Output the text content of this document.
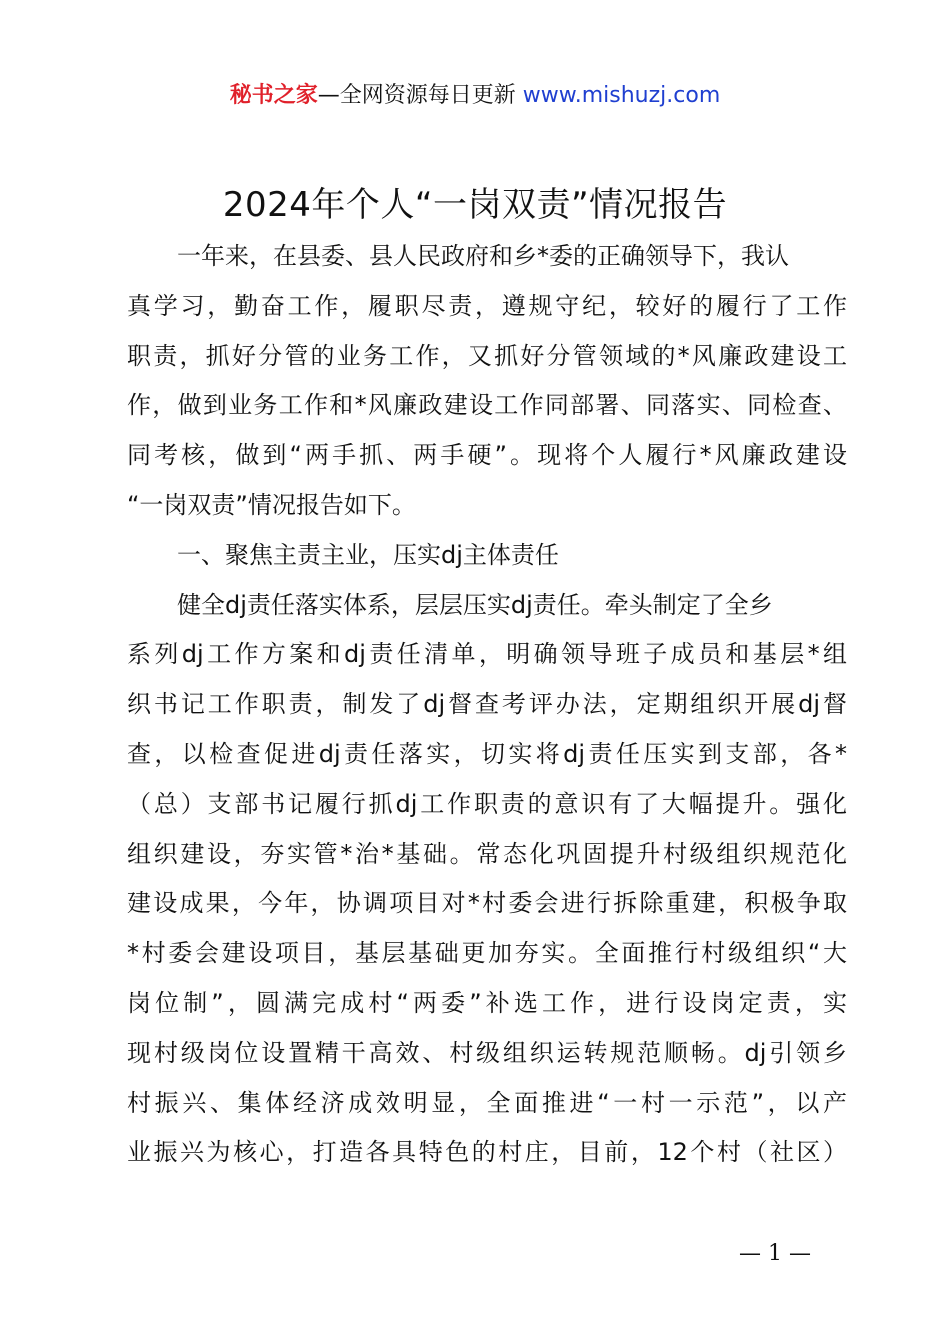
秘书之家—全网资源每日更新 www.mishuzj.com
2024年个人“一岗双责”情况报告
一年来，在县委、县人民政府和乡*委的正确领导下，我认
真学习，勤奋工作，履职尽责，遵规守纪，较好的履行了工作
职责，抓好分管的业务工作，又抓好分管领域的*风廉政建设工
作，做到业务工作和*风廉政建设工作同部署、同落实、同检查、
同考核，做到“两手抓、两手硬”。现将个人履行*风廉政建设
“一岗双责”情况报告如下。
一、聚焦主责主业，压实dj主体责任
健全dj责任落实体系，层层压实dj责任。牵头制定了全乡
系列dj工作方案和dj责任清单，明确领导班子成员和基层*组
织书记工作职责，制发了dj督查考评办法，定期组织开展dj督
查，以检查促进dj责任落实，切实将dj责任压实到支部，各*
（总）支部书记履行抓dj工作职责的意识有了大幅提升。强化
组织建设，夯实管*治*基础。常态化巩固提升村级组织规范化
建设成果，今年，协调项目对*村委会进行拆除重建，积极争取
*村委会建设项目，基层基础更加夯实。全面推行村级组织“大
岗位制”，圆满完成村“两委”补选工作，进行设岗定责，实
现村级岗位设置精干高效、村级组织运转规范顺畅。dj引领乡
村振兴、集体经济成效明显，全面推进“一村一示范”，以产
业振兴为核心，打造各具特色的村庄，目前，12个村（社区）
— 1 —
